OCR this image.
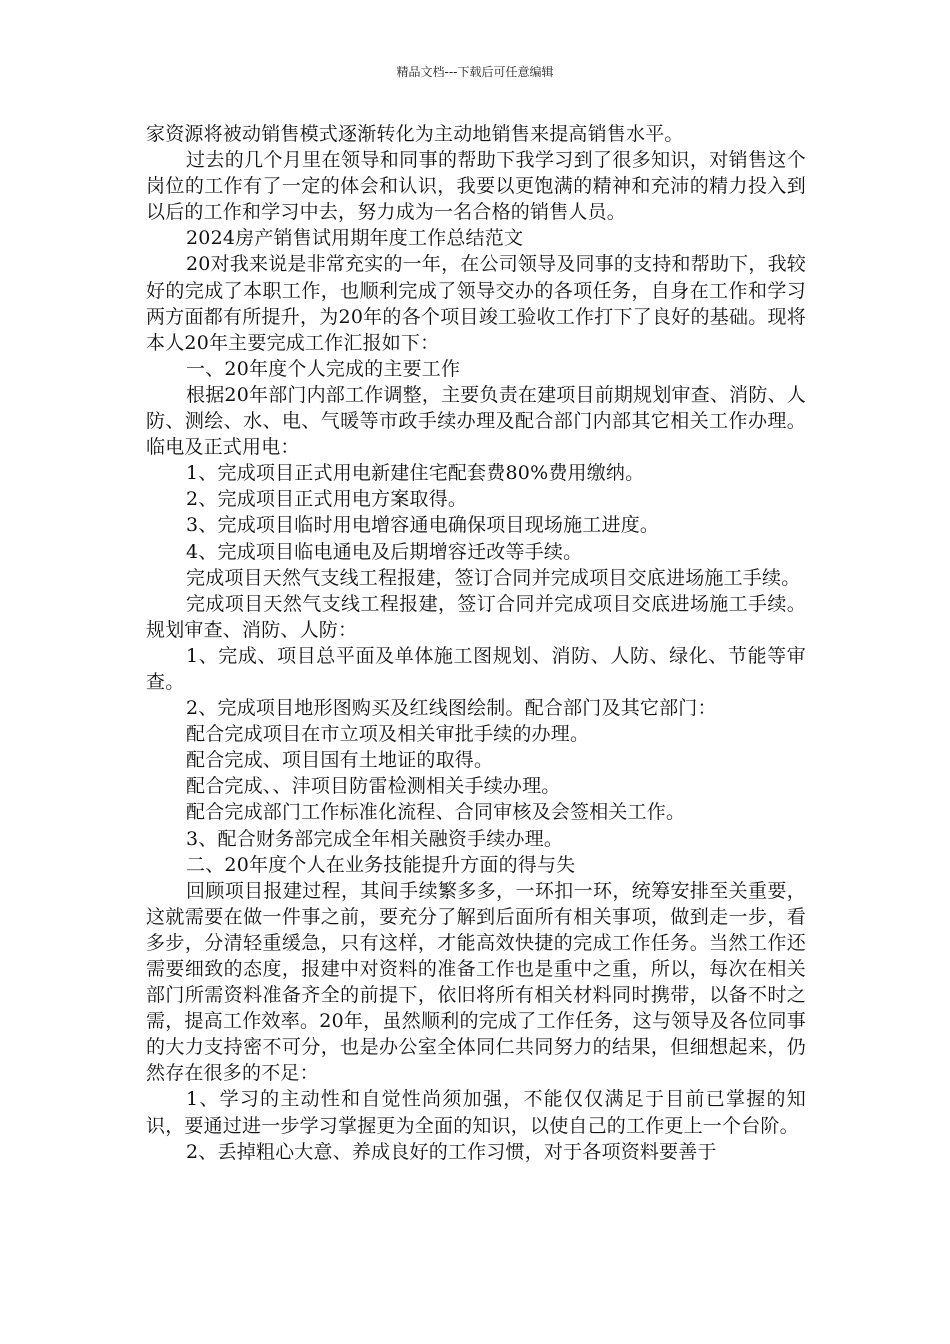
精品文档---下载后可任意编辑

家资源将被动销售模式逐渐转化为主动地销售来提高销售水平。

过去的几个月里在领导和同事的帮助下我学习到了很多知识，对销售这个岗位的工作有了一定的体会和认识，我要以更饱满的精神和充沛的精力投入到以后的工作和学习中去，努力成为一名合格的销售人员。

2024房产销售试用期年度工作总结范文

20对我来说是非常充实的一年，在公司领导及同事的支持和帮助下，我较好的完成了本职工作，也顺利完成了领导交办的各项任务，自身在工作和学习两方面都有所提升，为20年的各个项目竣工验收工作打下了良好的基础。现将本人20年主要完成工作汇报如下：

一、20年度个人完成的主要工作

根据20年部门内部工作调整，主要负责在建项目前期规划审查、消防、人防、测绘、水、电、气暖等市政手续办理及配合部门内部其它相关工作办理。临电及正式用电：

1、完成项目正式用电新建住宅配套费80%费用缴纳。

2、完成项目正式用电方案取得。

3、完成项目临时用电增容通电确保项目现场施工进度。

4、完成项目临电通电及后期增容迁改等手续。

完成项目天然气支线工程报建，签订合同并完成项目交底进场施工手续。

完成项目天然气支线工程报建，签订合同并完成项目交底进场施工手续。规划审查、消防、人防：

1、完成、项目总平面及单体施工图规划、消防、人防、绿化、节能等审查。

2、完成项目地形图购买及红线图绘制。配合部门及其它部门：

配合完成项目在市立项及相关审批手续的办理。

配合完成、项目国有土地证的取得。

配合完成、、沣项目防雷检测相关手续办理。

配合完成部门工作标准化流程、合同审核及会签相关工作。

3、配合财务部完成全年相关融资手续办理。

二、20年度个人在业务技能提升方面的得与失

回顾项目报建过程，其间手续繁多多，一环扣一环，统筹安排至关重要，这就需要在做一件事之前，要充分了解到后面所有相关事项，做到走一步，看多步，分清轻重缓急，只有这样，才能高效快捷的完成工作任务。当然工作还需要细致的态度，报建中对资料的准备工作也是重中之重，所以，每次在相关部门所需资料准备齐全的前提下，依旧将所有相关材料同时携带，以备不时之需，提高工作效率。20年，虽然顺利的完成了工作任务，这与领导及各位同事的大力支持密不可分，也是办公室全体同仁共同努力的结果，但细想起来，仍然存在很多的不足：

1、学习的主动性和自觉性尚须加强，不能仅仅满足于目前已掌握的知识，要通过进一步学习掌握更为全面的知识，以使自己的工作更上一个台阶。

2、丢掉粗心大意、养成良好的工作习惯，对于各项资料要善于
